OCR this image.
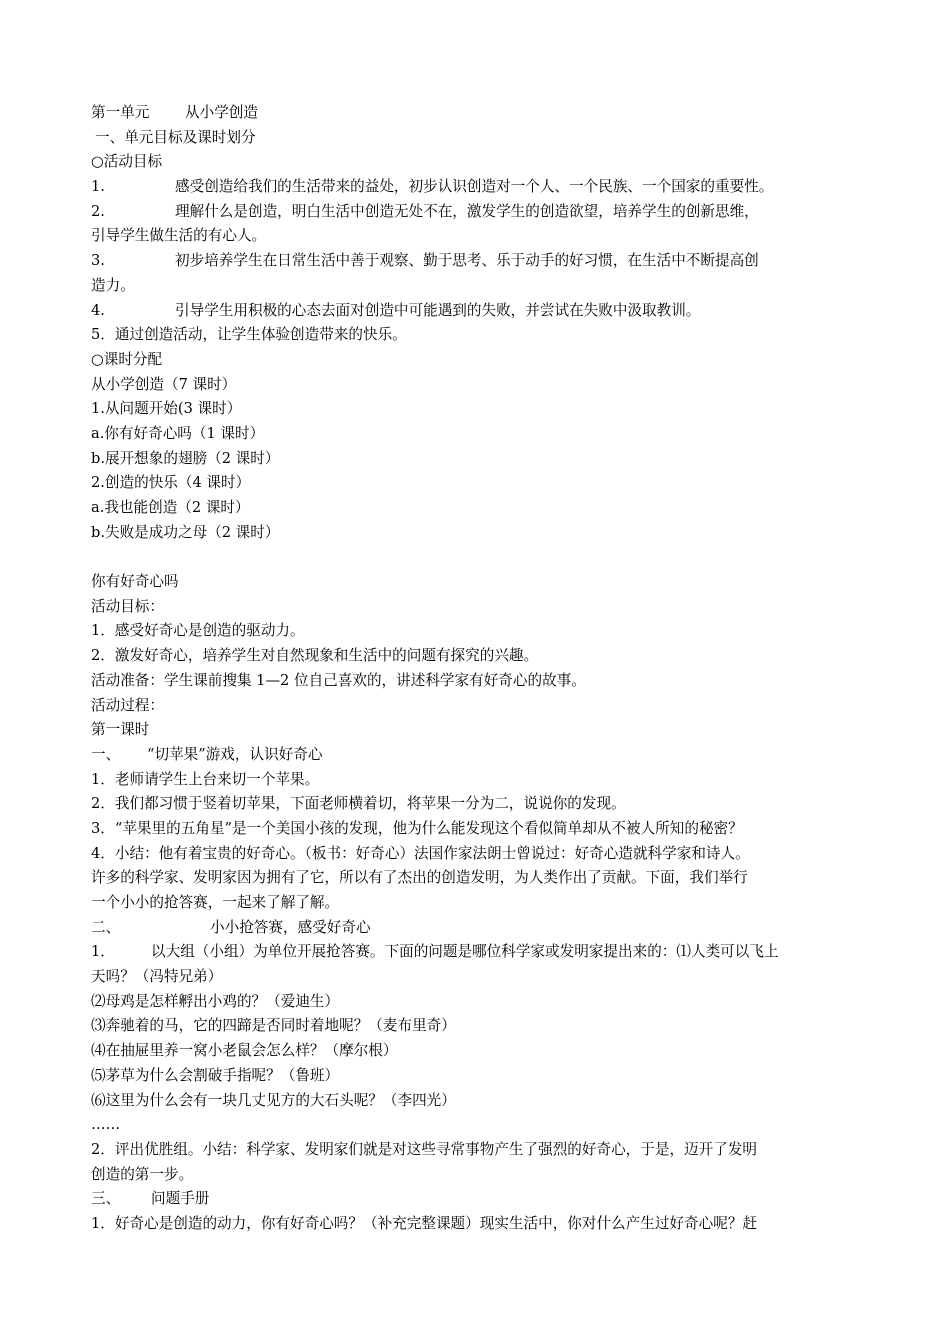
第一单元 从小学创造
一、单元目标及课时划分
○活动目标
1.	感受创造给我们的生活带来的益处，初步认识创造对一个人、一个民族、一个国家的重要性。
2.	理解什么是创造，明白生活中创造无处不在，激发学生的创造欲望，培养学生的创新思维，
引导学生做生活的有心人。
3.	初步培养学生在日常生活中善于观察、勤于思考、乐于动手的好习惯，在生活中不断提高创
造力。
4.	引导学生用积极的心态去面对创造中可能遇到的失败，并尝试在失败中汲取教训。
5．通过创造活动，让学生体验创造带来的快乐。
○课时分配
从小学创造（7 课时）
1.从问题开始(3 课时）
a.你有好奇心吗（1 课时）
b.展开想象的翅膀（2 课时）
2.创造的快乐（4 课时）
a.我也能创造（2 课时）
b.失败是成功之母（2 课时）
你有好奇心吗
活动目标：
1．感受好奇心是创造的驱动力。
2．激发好奇心，培养学生对自然现象和生活中的问题有探究的兴趣。
活动准备：学生课前搜集 1—2 位自己喜欢的，讲述科学家有好奇心的故事。
活动过程：
第一课时
一、 “切苹果”游戏，认识好奇心
1．老师请学生上台来切一个苹果。
2．我们都习惯于竖着切苹果，下面老师横着切，将苹果一分为二，说说你的发现。
3．“苹果里的五角星”是一个美国小孩的发现，他为什么能发现这个看似简单却从不被人所知的秘密？
4．小结：他有着宝贵的好奇心。（板书：好奇心）法国作家法朗士曾说过：好奇心造就科学家和诗人。
许多的科学家、发明家因为拥有了它，所以有了杰出的创造发明，为人类作出了贡献。下面，我们举行
一个小小的抢答赛，一起来了解了解。
二、	小小抢答赛，感受好奇心
1． 以大组（小组）为单位开展抢答赛。下面的问题是哪位科学家或发明家提出来的：⑴人类可以飞上
天吗？（冯特兄弟）
⑵母鸡是怎样孵出小鸡的？（爱迪生）
⑶奔驰着的马，它的四蹄是否同时着地呢？（麦布里奇）
⑷在抽屉里养一窝小老鼠会怎么样？（摩尔根）
⑸茅草为什么会割破手指呢？（鲁班）
⑹这里为什么会有一块几丈见方的大石头呢？（李四光）
……
2．评出优胜组。小结：科学家、发明家们就是对这些寻常事物产生了强烈的好奇心，于是，迈开了发明
创造的第一步。
三、 问题手册
1．好奇心是创造的动力，你有好奇心吗？（补充完整课题）现实生活中，你对什么产生过好奇心呢？赶
